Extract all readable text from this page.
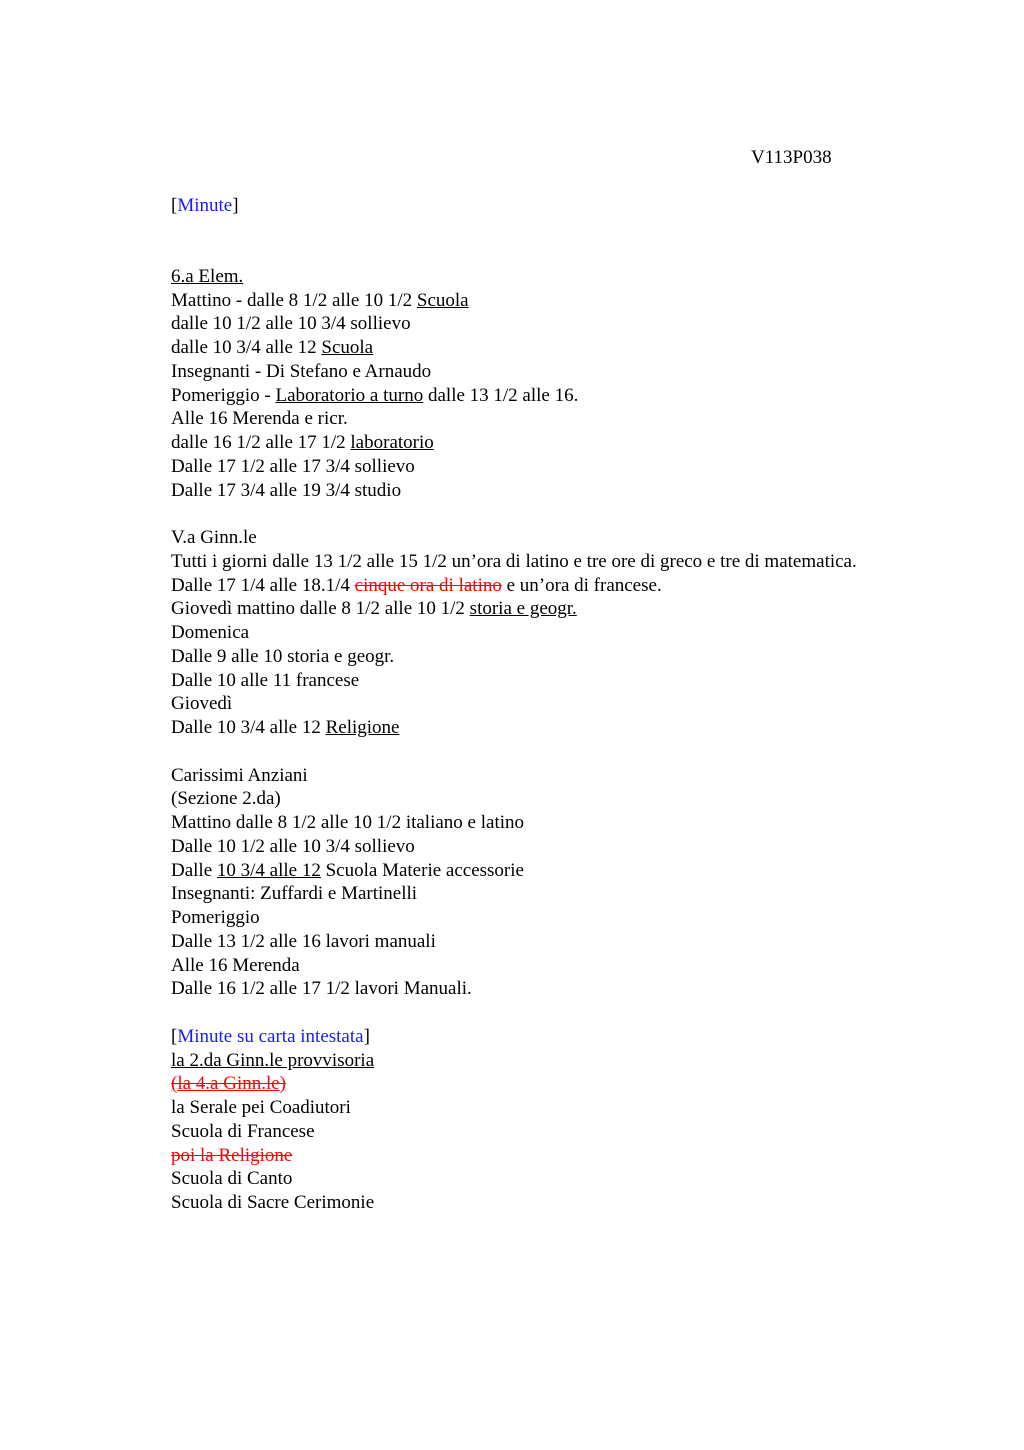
V113P038
[Minute]
6.a Elem.
Mattino - dalle 8 1/2 alle 10 1/2 Scuola
dalle 10 1/2 alle 10 3/4 sollievo
dalle 10 3/4 alle 12 Scuola
Insegnanti - Di Stefano e Arnaudo
Pomeriggio - Laboratorio a turno dalle 13 1/2 alle 16.
Alle 16 Merenda e ricr.
dalle 16 1/2 alle 17 1/2 laboratorio
Dalle 17 1/2 alle 17 3/4 sollievo
Dalle 17 3/4 alle 19 3/4 studio
V.a Ginn.le
Tutti i giorni dalle 13 1/2 alle 15 1/2 un’ora di latino e tre ore di greco e tre di matematica.
Dalle 17 1/4 alle 18.1/4 cinque ora di latino e un’ora di francese.
Giovedì mattino dalle 8 1/2 alle 10 1/2 storia e geogr.
Domenica
Dalle 9 alle 10 storia e geogr.
Dalle 10 alle 11 francese
Giovedì
Dalle 10 3/4 alle 12 Religione
Carissimi Anziani
(Sezione 2.da)
Mattino dalle 8 1/2 alle 10 1/2 italiano e latino
Dalle 10 1/2 alle 10 3/4 sollievo
Dalle 10 3/4 alle 12 Scuola Materie accessorie
Insegnanti: Zuffardi e Martinelli
Pomeriggio
Dalle 13 1/2 alle 16 lavori manuali
Alle 16 Merenda
Dalle 16 1/2 alle 17 1/2 lavori Manuali.
[Minute su carta intestata]
la 2.da Ginn.le provvisoria
(la 4.a Ginn.le)
la Serale pei Coadiutori
Scuola di Francese
poi la Religione
Scuola di Canto
Scuola di Sacre Cerimonie
